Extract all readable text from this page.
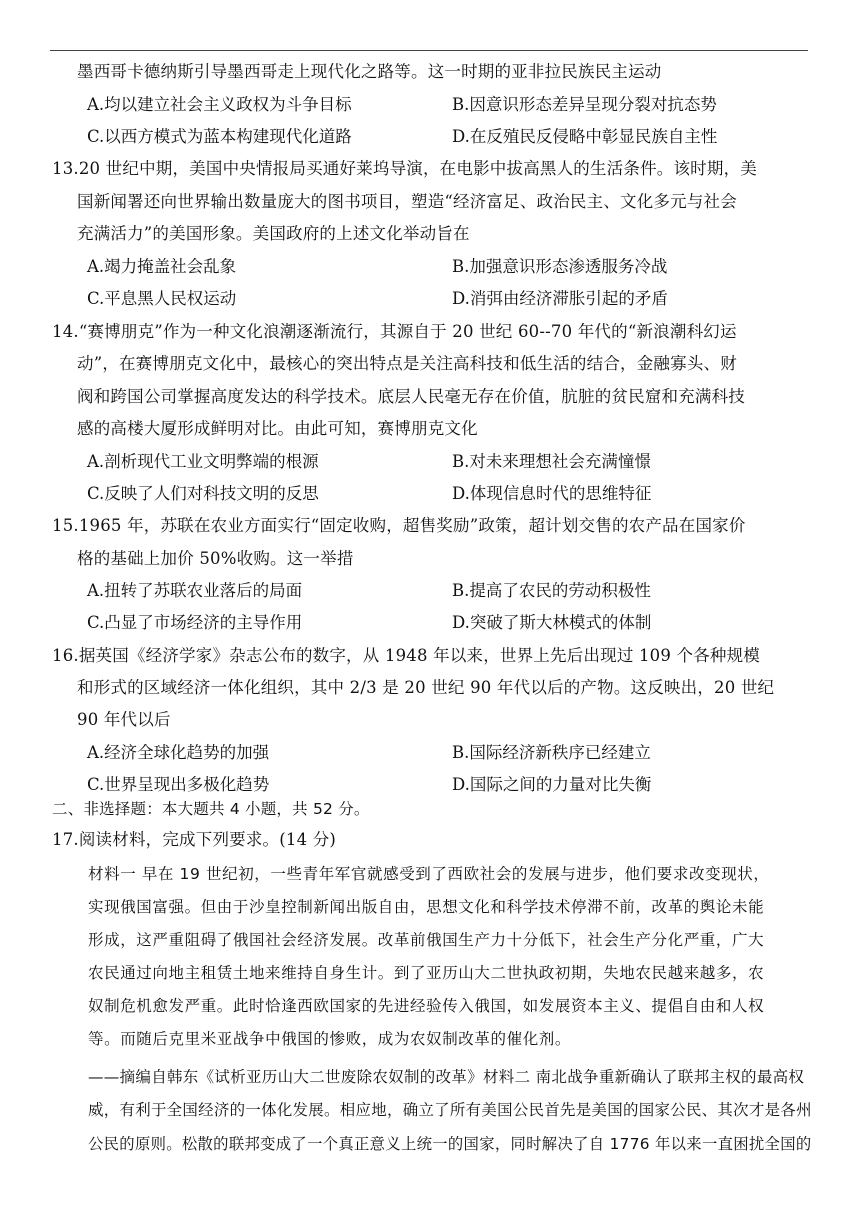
墨西哥卡德纳斯引导墨西哥走上现代化之路等。这一时期的亚非拉民族民主运动
A.均以建立社会主义政权为斗争目标	B.因意识形态差异呈现分裂对抗态势
C.以西方模式为蓝本构建现代化道路	D.在反殖民反侵略中彰显民族自主性
13.20 世纪中期，美国中央情报局买通好莱坞导演，在电影中拔高黑人的生活条件。该时期，美
国新闻署还向世界输出数量庞大的图书项目，塑造“经济富足、政治民主、文化多元与社会
充满活力”的美国形象。美国政府的上述文化举动旨在
A.竭力掩盖社会乱象	B.加强意识形态渗透服务冷战
C.平息黑人民权运动	D.消弭由经济滞胀引起的矛盾
14.“赛博朋克”作为一种文化浪潮逐渐流行，其源自于 20 世纪 60--70 年代的“新浪潮科幻运
动”，在赛博朋克文化中，最核心的突出特点是关注高科技和低生活的结合，金融寡头、财
阀和跨国公司掌握高度发达的科学技术。底层人民毫无存在价值，肮脏的贫民窟和充满科技
感的高楼大厦形成鲜明对比。由此可知，赛博朋克文化
A.剖析现代工业文明弊端的根源	B.对未来理想社会充满憧憬
C.反映了人们对科技文明的反思	D.体现信息时代的思维特征
15.1965 年，苏联在农业方面实行“固定收购，超售奖励”政策，超计划交售的农产品在国家价
格的基础上加价 50%收购。这一举措
A.扭转了苏联农业落后的局面	B.提高了农民的劳动积极性
C.凸显了市场经济的主导作用	D.突破了斯大林模式的体制
16.据英国《经济学家》杂志公布的数字，从 1948 年以来，世界上先后出现过 109 个各种规模
和形式的区域经济一体化组织，其中 2/3 是 20 世纪 90 年代以后的产物。这反映出，20 世纪
90 年代以后
A.经济全球化趋势的加强	B.国际经济新秩序已经建立
C.世界呈现出多极化趋势	D.国际之间的力量对比失衡
二、非选择题：本大题共 4 小题，共 52 分。
17.阅读材料，完成下列要求。(14 分)
材料一 早在 19 世纪初，一些青年军官就感受到了西欧社会的发展与进步，他们要求改变现状，
实现俄国富强。但由于沙皇控制新闻出版自由，思想文化和科学技术停滞不前，改革的舆论未能
形成，这严重阻碍了俄国社会经济发展。改革前俄国生产力十分低下，社会生产分化严重，广大
农民通过向地主租赁土地来维持自身生计。到了亚历山大二世执政初期，失地农民越来越多，农
奴制危机愈发严重。此时恰逢西欧国家的先进经验传入俄国，如发展资本主义、提倡自由和人权
等。而随后克里米亚战争中俄国的惨败，成为农奴制改革的催化剂。
——摘编自韩东《试析亚历山大二世废除农奴制的改革》材料二 南北战争重新确认了联邦主权的最高权
威，有利于全国经济的一体化发展。相应地，确立了所有美国公民首先是美国的国家公民、其次才是各州
公民的原则。松散的联邦变成了一个真正意义上统一的国家，同时解决了自 1776 年以来一直困扰全国的
